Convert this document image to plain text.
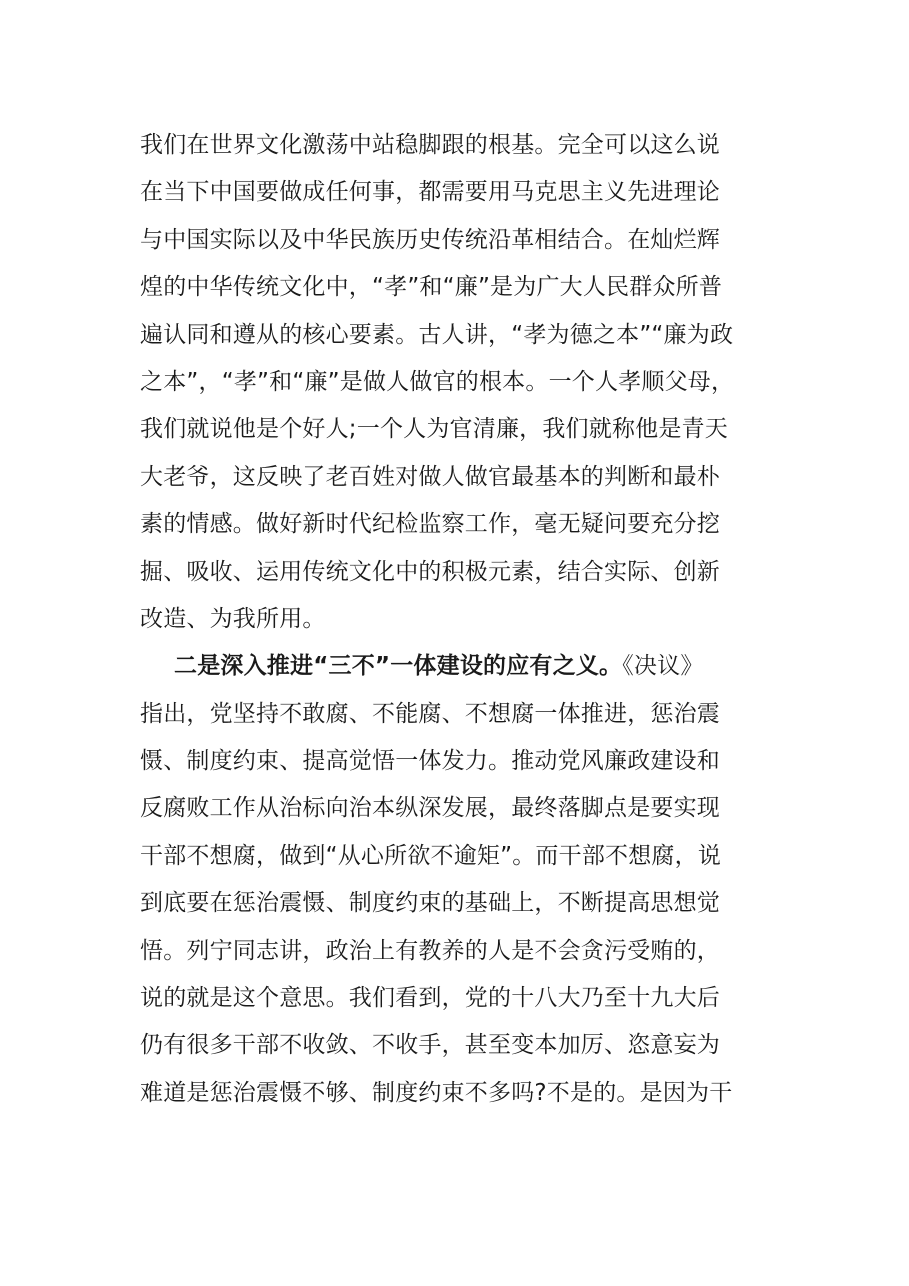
我们在世界文化激荡中站稳脚跟的根基。完全可以这么说
在当下中国要做成任何事，都需要用马克思主义先进理论
与中国实际以及中华民族历史传统沿革相结合。在灿烂辉
煌的中华传统文化中，“孝”和“廉”是为广大人民群众所普
遍认同和遵从的核心要素。古人讲，“孝为德之本”“廉为政
之本”，“孝”和“廉”是做人做官的根本。一个人孝顺父母，
我们就说他是个好人;一个人为官清廉，我们就称他是青天
大老爷，这反映了老百姓对做人做官最基本的判断和最朴
素的情感。做好新时代纪检监察工作，毫无疑问要充分挖
掘、吸收、运用传统文化中的积极元素，结合实际、创新
改造、为我所用。
二是深入推进“三不”一体建设的应有之义。《决议》
指出，党坚持不敢腐、不能腐、不想腐一体推进，惩治震
慑、制度约束、提高觉悟一体发力。推动党风廉政建设和
反腐败工作从治标向治本纵深发展，最终落脚点是要实现
干部不想腐，做到“从心所欲不逾矩”。而干部不想腐，说
到底要在惩治震慑、制度约束的基础上，不断提高思想觉
悟。列宁同志讲，政治上有教养的人是不会贪污受贿的，
说的就是这个意思。我们看到，党的十八大乃至十九大后
仍有很多干部不收敛、不收手，甚至变本加厉、恣意妄为
难道是惩治震慑不够、制度约束不多吗?不是的。是因为干
